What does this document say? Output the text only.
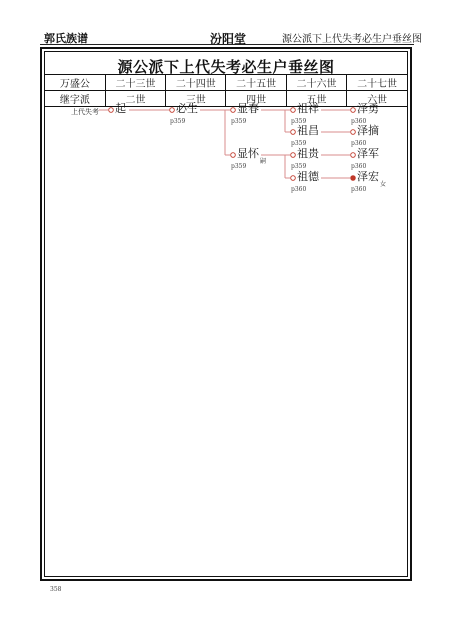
郭氏族谱	汾阳堂	源公派下上代失考必生户垂丝图
源公派下上代失考必生户垂丝图
万盛公	二十三世	二十四世	二十五世	二十六世	二十七世
继字派	二世	三世	四世	五世	六世
上代失考 起	必生
p359
显春
p359
显怀
p359
嗣
祖祥
p359
祖昌
p359
祖贵
p359
祖德
p360
泽勇
p360
泽摘
p360
泽军
p360
泽宏
p360
女
358
